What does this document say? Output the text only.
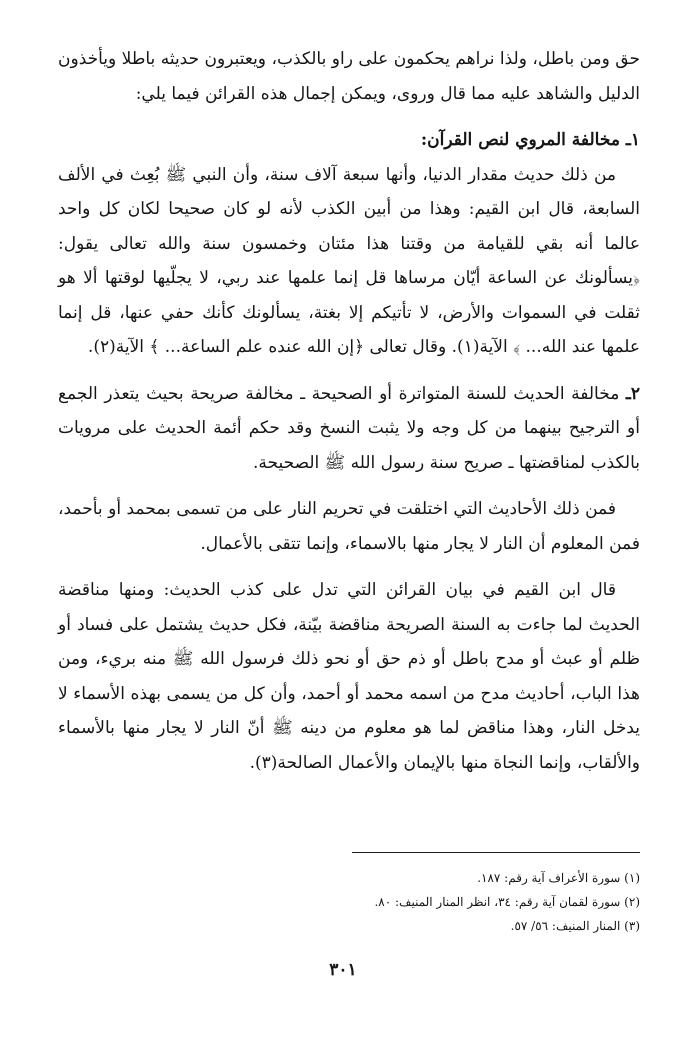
حق ومن باطل، ولذا نراهم يحكمون على راو بالكذب، ويعتبرون حديثه باطلا ويأخذون الدليل والشاهد عليه مما قال وروى، ويمكن إجمال هذه القرائن فيما يلي:

١ـ مخالفة المروي لنص القرآن:

من ذلك حديث مقدار الدنيا، وأنها سبعة آلاف سنة، وأن النبي ﷺ بُعِث في الألف السابعة، قال ابن القيم: وهذا من أبين الكذب لأنه لو كان صحيحا لكان كل واحد عالما أنه بقي للقيامة من وقتنا هذا مئتان وخمسون سنة والله تعالى يقول: ﴿يسألونك عن الساعة أيّان مرساها قل إنما علمها عند ربي، لا يجلّيها لوقتها ألا هو ثقلت في السموات والأرض، لا تأتيكم إلا بغتة، يسألونك كأنك حفي عنها، قل إنما علمها عند الله... ﴾ الآية(١). وقال تعالى ﴿إن الله عنده علم الساعة... ﴾ الآية(٢).

٢ـ مخالفة الحديث للسنة المتواترة أو الصحيحة ـ مخالفة صريحة بحيث يتعذر الجمع أو الترجيح بينهما من كل وجه ولا يثبت النسخ وقد حكم أئمة الحديث على مرويات بالكذب لمناقضتها ـ صريح سنة رسول الله ﷺ الصحيحة.

فمن ذلك الأحاديث التي اختلقت في تحريم النار على من تسمى بمحمد أو بأحمد، فمن المعلوم أن النار لا يجار منها بالاسماء، وإنما تتقى بالأعمال.

قال ابن القيم في بيان القرائن التي تدل على كذب الحديث: ومنها مناقضة الحديث لما جاءت به السنة الصريحة مناقضة بيّنة، فكل حديث يشتمل على فساد أو ظلم أو عبث أو مدح باطل أو ذم حق أو نحو ذلك فرسول الله ﷺ منه بريء، ومن هذا الباب، أحاديث مدح من اسمه محمد أو أحمد، وأن كل من يسمى بهذه الأسماء لا يدخل النار، وهذا مناقض لما هو معلوم من دينه ﷺ أنّ النار لا يجار منها بالأسماء والألقاب، وإنما النجاة منها بالإيمان والأعمال الصالحة(٣).

(١) سورة الأعراف آية رقم: ١٨٧.

(٢) سورة لقمان آية رقم: ٣٤، انظر المنار المنيف: ٨٠.

(٣) المنار المنيف: ٥٦/ ٥٧.

٣٠١
